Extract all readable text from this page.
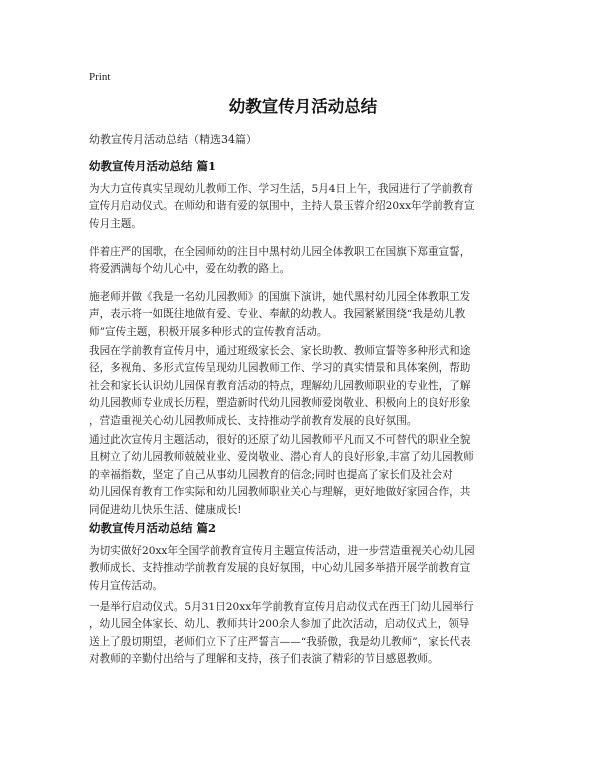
Print
幼教宣传月活动总结
幼教宣传月活动总结（精选34篇）
幼教宣传月活动总结 篇1
为大力宣传真实呈现幼儿教师工作、学习生活，5月4日上午，我园进行了学前教育
宣传月启动仪式。在师幼和谐有爱的氛围中，主持人景玉蓉介绍20xx年学前教育宣
传月主题。
伴着庄严的国歌，在全园师幼的注目中黑村幼儿园全体教职工在国旗下郑重宣誓，
将爱洒满每个幼儿心中，爱在幼教的路上。
施老师并做《我是一名幼儿园教师》的国旗下演讲，她代黑村幼儿园全体教职工发
声，表示将一如既往地做有爱、专业、奉献的幼教人。我园紧紧围绕“我是幼儿教
师”宣传主题，积极开展多种形式的宣传教育活动。
我园在学前教育宣传月中，通过班级家长会、家长助教、教师宣誓等多种形式和途
径，多视角、多形式宣传呈现幼儿园教师工作、学习的真实情景和具体案例，帮助
社会和家长认识幼儿园保育教育活动的特点，理解幼儿园教师职业的专业性，了解
幼儿园教师专业成长历程，塑造新时代幼儿园教师爱岗敬业、积极向上的良好形象
，营造重视关心幼儿园教师成长、支持推动学前教育发展的良好氛围。
通过此次宣传月主题活动，很好的还原了幼儿园教师平凡而又不可替代的职业全貌
且树立了幼儿园教师兢兢业业、爱岗敬业、潜心育人的良好形象,丰富了幼儿园教师
的幸福指数，坚定了自己从事幼儿园教育的信念;同时也提高了家长们及社会对
幼儿园保育教育工作实际和幼儿园教师职业关心与理解，更好地做好家园合作，共
同促进幼儿快乐生活、健康成长!
幼教宣传月活动总结 篇2
为切实做好20xx年全国学前教育宣传月主题宣传活动，进一步营造重视关心幼儿园
教师成长、支持推动学前教育发展的良好氛围，中心幼儿园多举措开展学前教育宣
传月宣传活动。
一是举行启动仪式。5月31日20xx年学前教育宣传月启动仪式在西王门幼儿园举行
，幼儿园全体家长、幼儿、教师共计200余人参加了此次活动，启动仪式上，领导
送上了殷切期望，老师们立下了庄严誓言——“我骄傲，我是幼儿教师”，家长代表
对教师的辛勤付出给与了理解和支持，孩子们表演了精彩的节目感恩教师。
